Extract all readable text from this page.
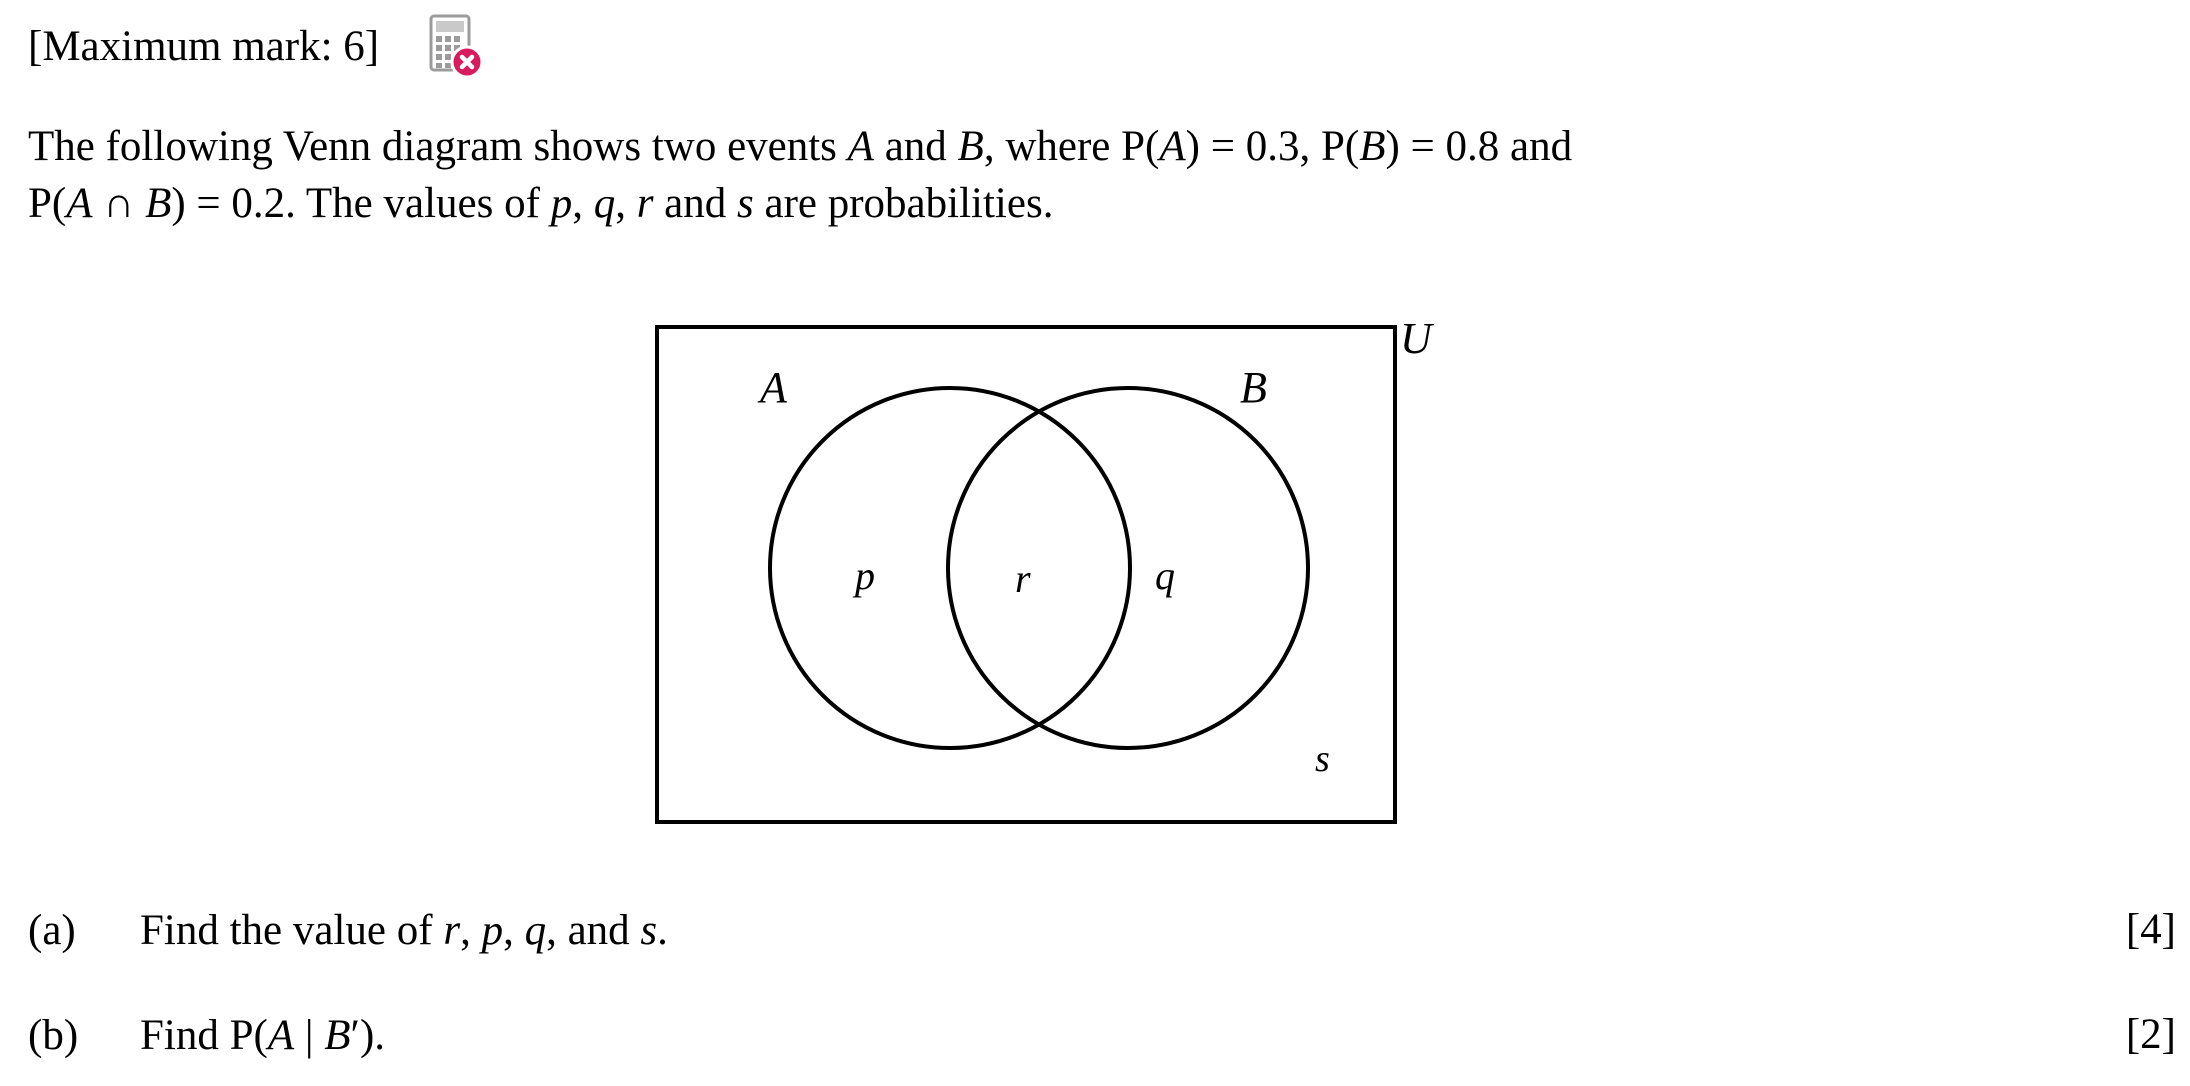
[Maximum mark: 6]
The following Venn diagram shows two events A and B, where P(A) = 0.3, P(B) = 0.8 and
P(A ∩ B) = 0.2. The values of p, q, r and s are probabilities.
U
A	B
p	r	q
s
(a)	Find the value of r, p, q, and s.	[4]
(b)	Find P(A | B′).	[2]
